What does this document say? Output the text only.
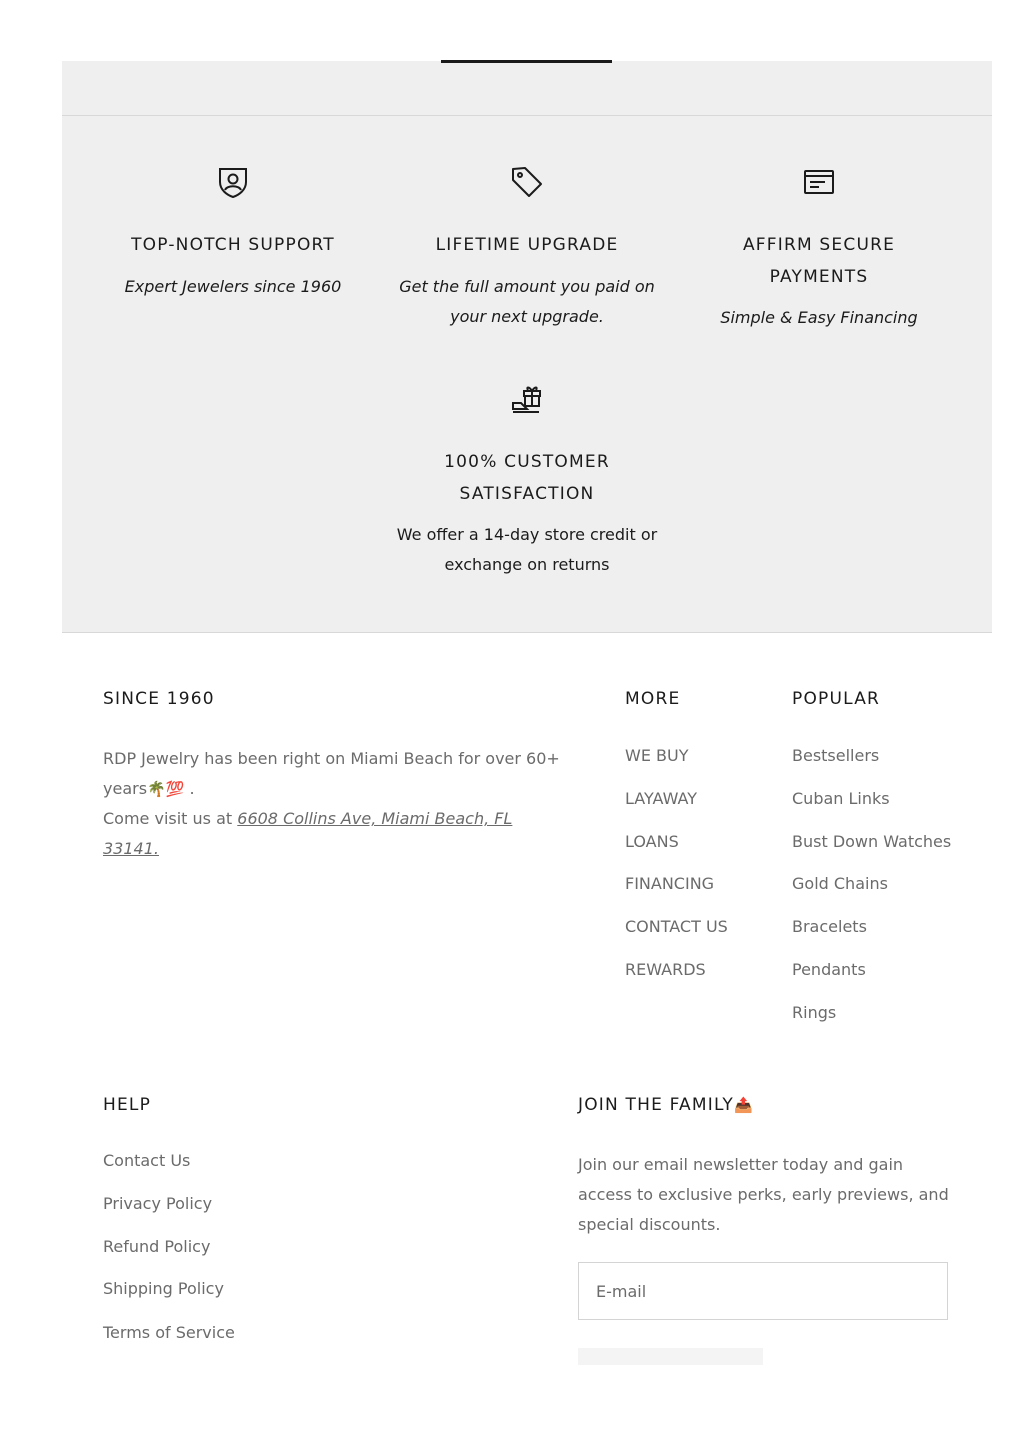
TOP-NOTCH SUPPORT
Expert Jewelers since 1960
LIFETIME UPGRADE
Get the full amount you paid on
your next upgrade.
AFFIRM SECURE
PAYMENTS
Simple & Easy Financing
100% CUSTOMER
SATISFACTION
We offer a 14-day store credit or
exchange on returns
SINCE 1960
RDP Jewelry has been right on Miami Beach for over 60+
years🌴💯 .
Come visit us at 6608 Collins Ave, Miami Beach, FL 33141.
MORE
WE BUY
LAYAWAY
LOANS
FINANCING
CONTACT US
REWARDS
POPULAR
Bestsellers
Cuban Links
Bust Down Watches
Gold Chains
Bracelets
Pendants
Rings
HELP
Contact Us
Privacy Policy
Refund Policy
Shipping Policy
Terms of Service
JOIN THE FAMILY📤
Join our email newsletter today and gain access to exclusive perks, early previews, and special discounts.
E-mail
